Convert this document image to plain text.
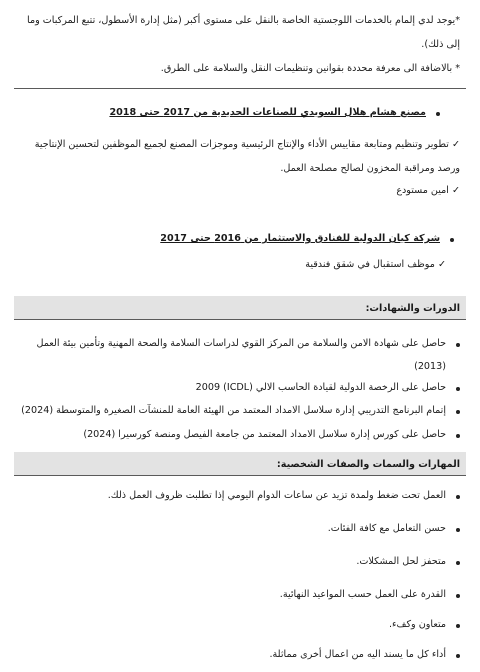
*يوجد لدي إلمام بالخدمات اللوجستية الخاصة بالنقل على مستوى أكبر (مثل إدارة الأسطول، تتبع المركبات وما
إلى ذلك).
* بالاضافة الى معرفة محددة بقوانين وتنظيمات النقل والسلامة على الطرق.
مصنع هشام هلال السويدي للصناعات الحديدية من 2017 حتى 2018
✓ تطوير وتنظيم ومتابعة مقاييس الأداء والإنتاج الرئيسية وموجزات المصنع لجميع الموظفين لتحسين الإنتاجية
ورصد ومراقبة المخزون لصالح مصلحة العمل.
✓ امين مستودع
شركة كيان الدولية للفنادق والاستثمار من 2016 حتى 2017
✓ موظف استقبال في شقق فندقية
الدورات والشهادات:
حاصل على شهادة الامن والسلامة من المركز القوي لدراسات السلامة والصحة المهنية وتأمين بيئة العمل
(2013)
حاصل على الرخصة الدولية لقيادة الحاسب الالي (ICDL) 2009
إتمام البرنامج التدريبي إدارة سلاسل الامداد المعتمد من الهيئة العامة للمنشآت الصغيرة والمتوسطة (2024)
حاصل على كورس إدارة سلاسل الامداد المعتمد من جامعة الفيصل ومنصة كورسيرا (2024)
المهارات والسمات والصفات الشخصية:
العمل تحت ضغط ولمدة تزيد عن ساعات الدوام اليومي إذا تطلبت ظروف العمل ذلك.
حسن التعامل مع كافة الفئات.
متحفز لحل المشكلات.
القدرة على العمل حسب المواعيد النهائية.
متعاون وكفء.
أداء كل ما يسند اليه من اعمال أخرى مماثلة.
